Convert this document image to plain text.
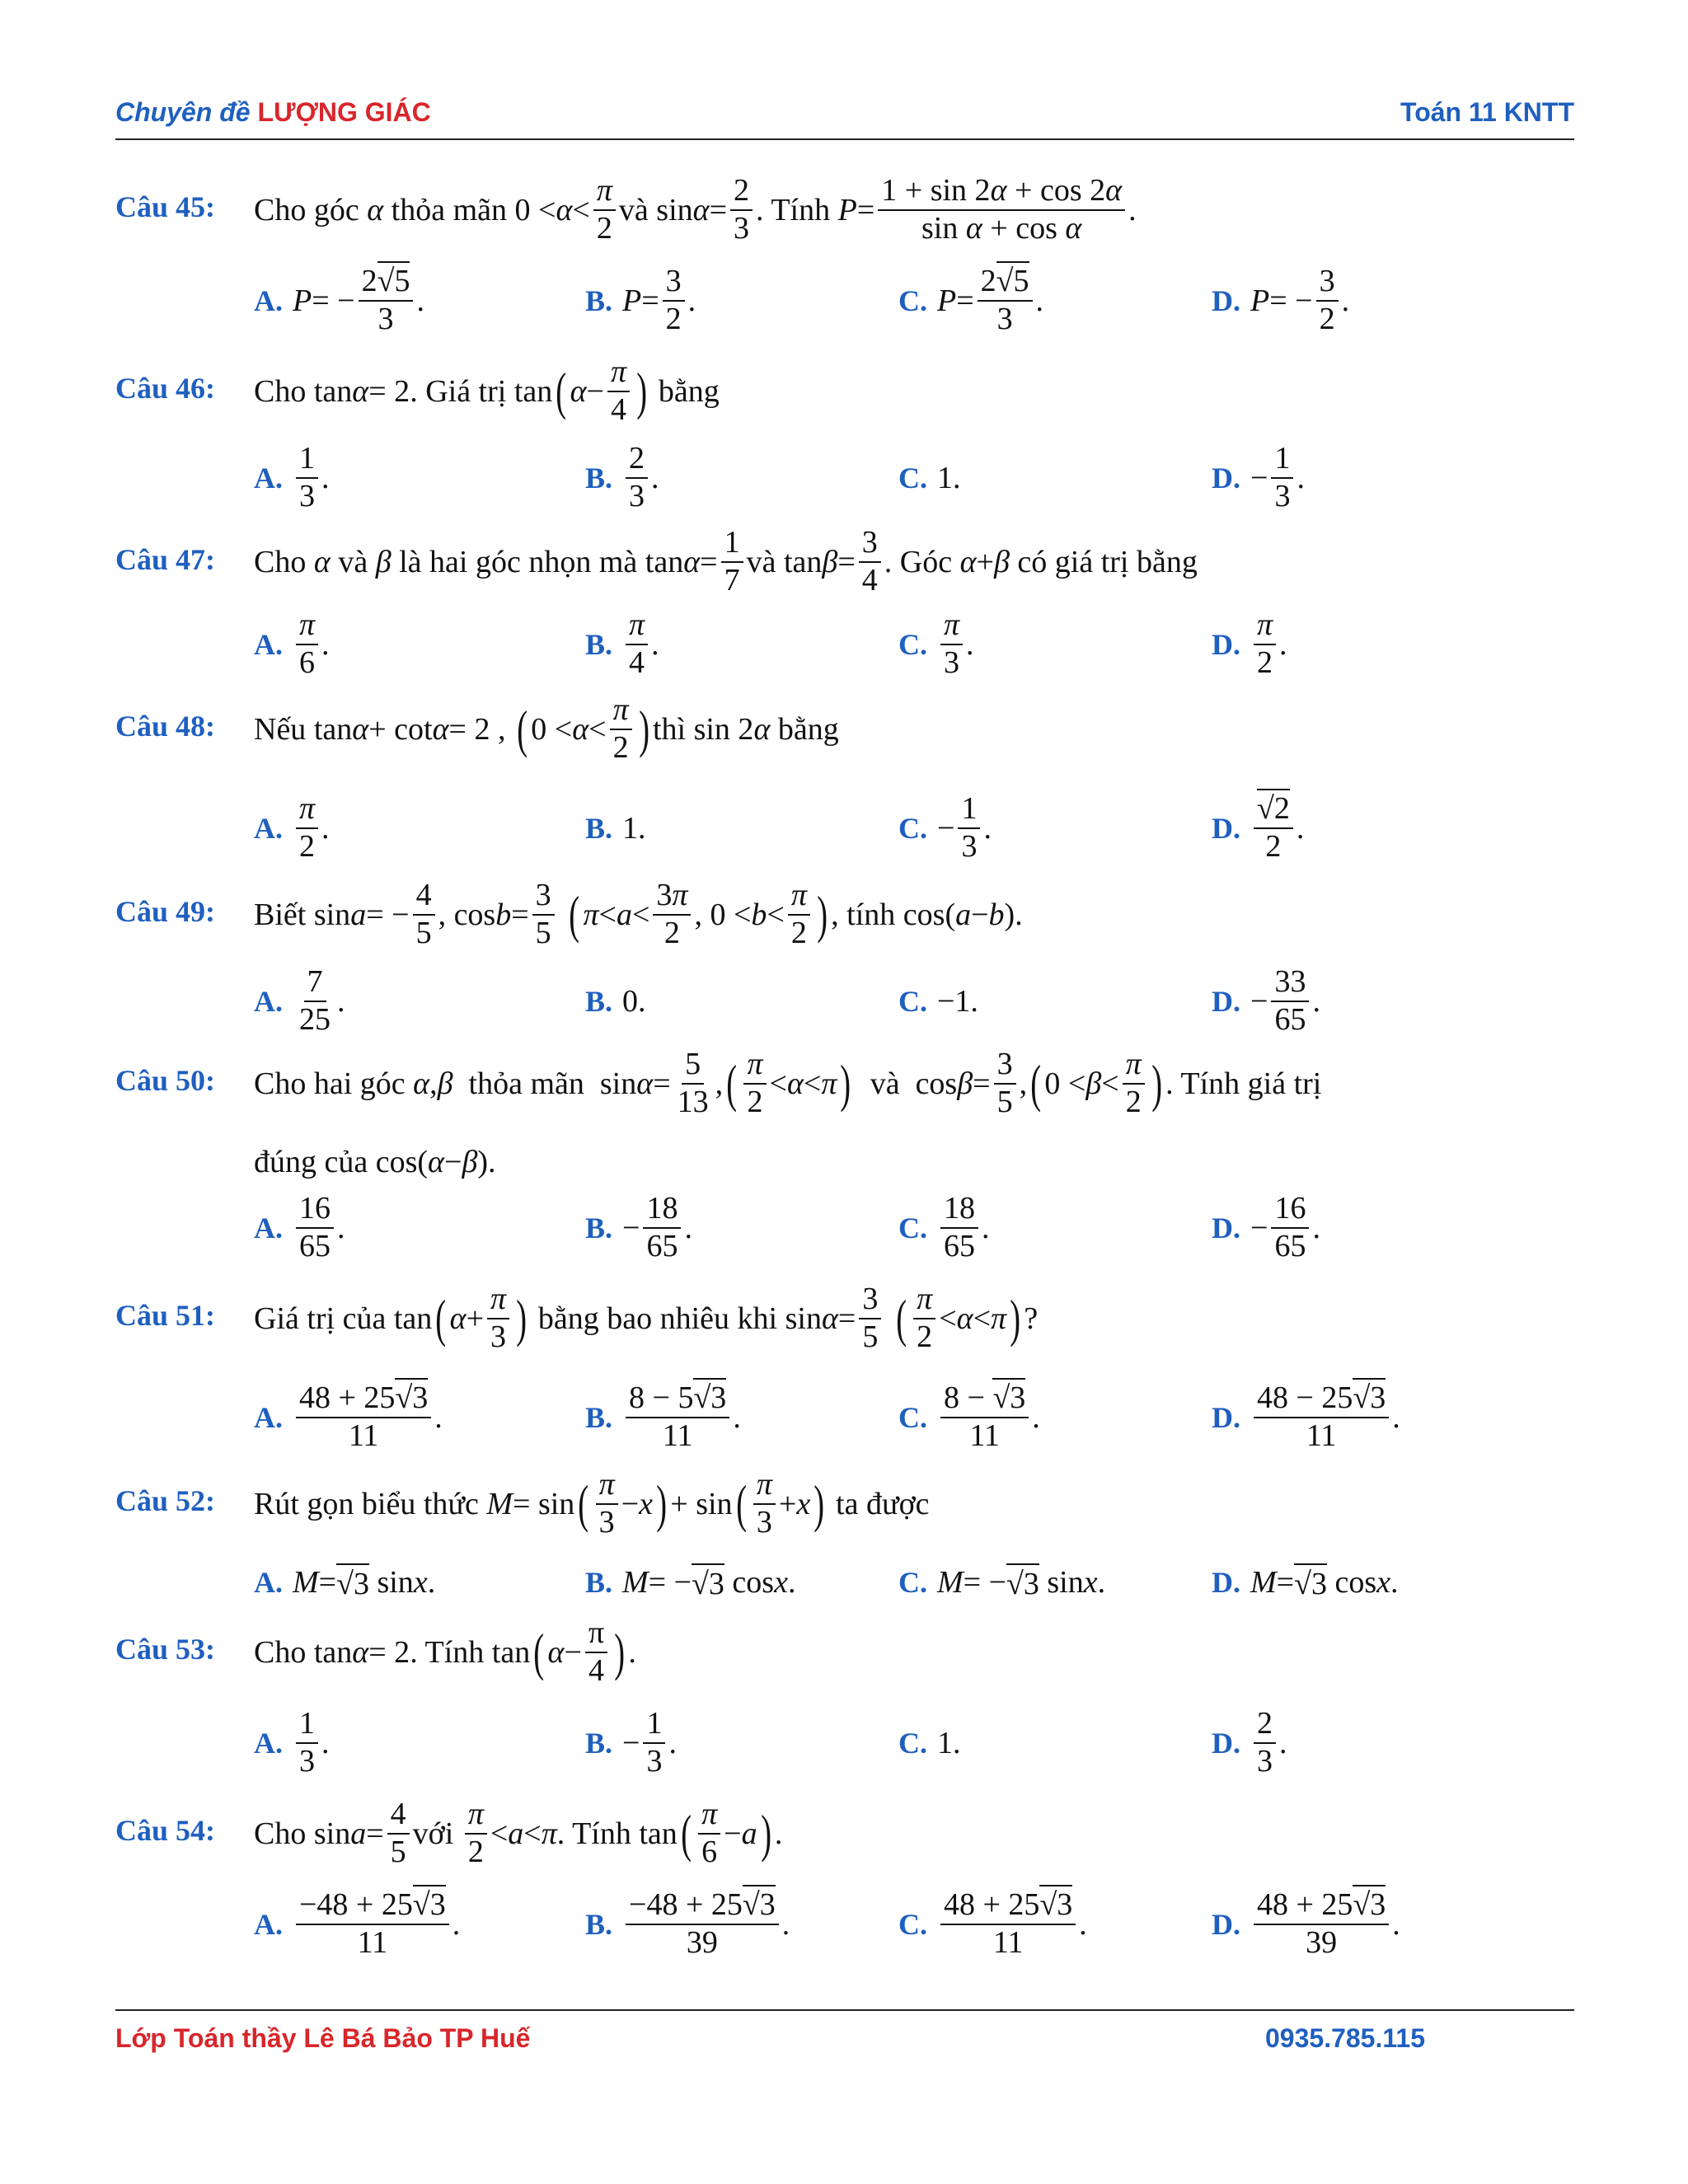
Chuyên đề LƯỢNG GIÁC	Toán 11 KNTT
Câu 45: Cho góc
α
thỏa mãn $0 < \alpha < \frac{\pi}{2}$ và $\sin \alpha = \frac{2}{3}$ . Tính
$P = \frac{1 + \sin 2\alpha + \cos 2\alpha}{\text{sin α + cos α}}$ .
A. P = − $\frac{2√5}{3}$ .	B. $P = \frac{3}{2}$ .	C. $P = \frac{2√5}{3}$ .	D. P = − $\frac{3}{2}$ .
Câu 46: Cho tan α = 2 . Giá trị tan ( $\alpha - \frac{\pi}{4}$ )
bằng
A. $\frac{1}{3}$ .	B. $\frac{2}{3}$ .	C. 1.	D. − $\frac{1}{3}$ .
Câu 47: Cho
α
và
β
là hai góc nhọn mà $\tan \alpha = \frac{1}{7}$ và $\tan \beta = \frac{3}{4}$ . Góc
α + β
có giá trị bằng
A. $\frac{\pi}{6}$ .	B. $\frac{\pi}{4}$ .	C. $\frac{\pi}{3}$ .	D. $\frac{\pi}{2}$ .
Câu 48: Nếu tan α + cot α = 2 , ( $0 < \alpha < \frac{\pi}{2}$ ) thì sin 2 α
bằng
A. $\frac{\pi}{2}$ .	B. 1.	C. − $\frac{1}{3}$ .	D. $\frac{√2}{2}$ .
Câu 49: Biết sin a = − $\frac{4}{5}$ , $\cos b = \frac{3}{5}$
( $\pi < a < \frac{3\pi}{2}$ , $0 < b < \frac{\pi}{2}$ ) , tính cos( a − b ).
A. $\frac{7}{25}$ .	B. 0.	C. −1.	D. − $\frac{33}{65}$ .
Câu 50: Cho hai góc
α , β
thỏa mãn $\sin \alpha = \frac{5}{13}$ , ( $\frac{\pi}{2} < \alpha < \pi$ )
và $\cos \beta = \frac{3}{5}$ , ( $0 < \beta < \frac{\pi}{2}$ ) . Tính giá trị
đúng của cos( α − β ).
A. $\frac{16}{65}$ .	B. − $\frac{18}{65}$ .	C. $\frac{18}{65}$ .	D. − $\frac{16}{65}$ .
Câu 51: Giá trị của tan ( $\alpha + \frac{\pi}{3}$ )
bằng bao nhiêu khi $\sin \alpha = \frac{3}{5}$
( $\frac{\pi}{2} < \alpha < \pi$ ) ?
A. $\frac{48 + 25√3}{11}$ .	B. $\frac{8 - 5√3}{11}$ .	C. $\frac{8 - √3}{11}$ .	D. $\frac{48 - 25√3}{11}$ .
Câu 52: Rút gọn biểu thức
M = sin ( $\frac{\pi}{3} - x$ ) + sin ( $\frac{\pi}{3} + x$ )
ta được
A. M = √3 sin x .	B. M = − √3 cos x .	C. M = − √3 sin x .	D. M = √3 cos x .
Câu 53: Cho tan α = 2 . Tính tan ( $\alpha - \frac{\pi}{4}$ ) .
A. $\frac{1}{3}$ .	B. − $\frac{1}{3}$ .	C. 1.	D. $\frac{2}{3}$ .
Câu 54: Cho $\sin a = \frac{4}{5}$ với
$\frac{\pi}{2} < a < \pi$ . Tính tan ( $\frac{\pi}{6} - a$ ) .
A. $\frac{-48 + 25√3}{11}$ .	B. $\frac{-48 + 25√3}{39}$ .	C. $\frac{48 + 25√3}{11}$ .	D. $\frac{48 + 25√3}{39}$ .
Lớp Toán thầy Lê Bá Bảo TP Huế	0935.785.115
